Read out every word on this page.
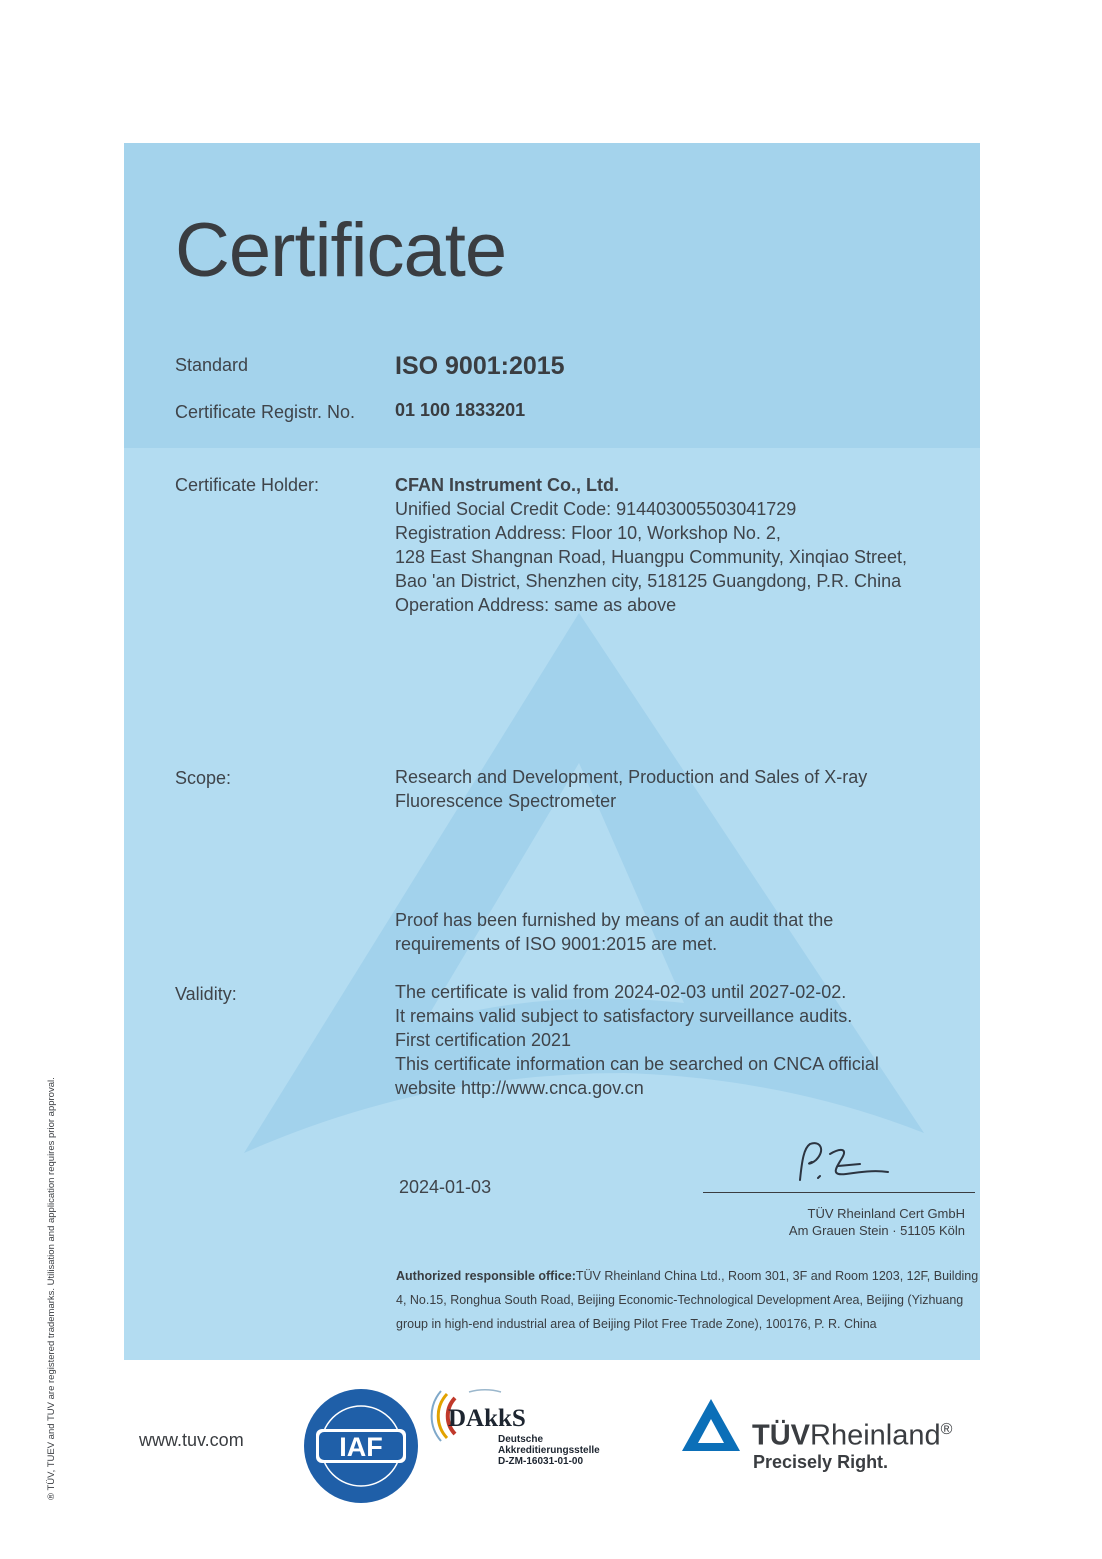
Certificate
Standard	ISO 9001:2015
Certificate Registr. No. 01 100 1833201
Certificate Holder:	CFAN Instrument Co., Ltd.
Unified Social Credit Code: 914403005503041729
Registration Address: Floor 10, Workshop No. 2,
128 East Shangnan Road, Huangpu Community, Xinqiao Street,
Bao 'an District, Shenzhen city, 518125 Guangdong, P.R. China
Operation Address: same as above
Scope:	Research and Development, Production and Sales of X-ray
Fluorescence Spectrometer
Proof has been furnished by means of an audit that the
requirements of ISO 9001:2015 are met.
Validity:	The certificate is valid from 2024-02-03 until 2027-02-02.
It remains valid subject to satisfactory surveillance audits.
First certification 2021
This certificate information can be searched on CNCA official
website http://www.cnca.gov.cn
2024-01-03
TÜV Rheinland Cert GmbH
Am Grauen Stein · 51105 Köln
Authorized responsible office:TÜV Rheinland China Ltd., Room 301, 3F and Room 1203, 12F, Building 4, No.15, Ronghua South Road, Beijing Economic-Technological Development Area, Beijing (Yizhuang group in high-end industrial area of Beijing Pilot Free Trade Zone), 100176, P. R. China
www.tuv.com
® TÜV, TUEV and TUV are registered trademarks. Utilisation and application requires prior approval.	IAF
DAkkS
Deutsche
Akkreditierungsstelle
D-ZM-16031-01-00
TÜVRheinland®
Precisely Right.
